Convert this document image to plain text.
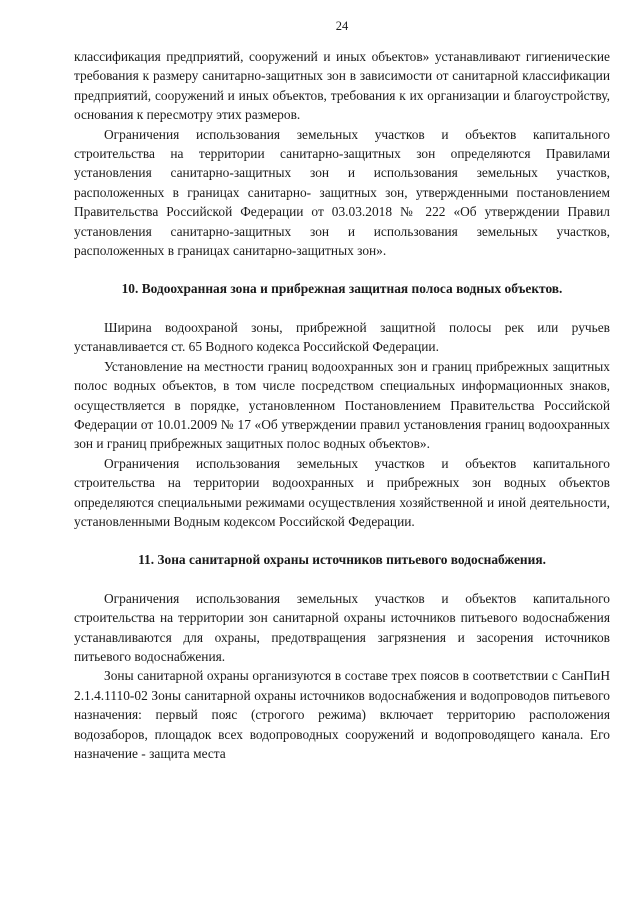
24

классификация предприятий, сооружений и иных объектов» устанавливают гигиенические требования к размеру санитарно-защитных зон в зависимости от санитарной классификации предприятий, сооружений и иных объектов, требования к их организации и благоустройству, основания к пересмотру этих размеров.

Ограничения использования земельных участков и объектов капитального строительства на территории санитарно-защитных зон определяются Правилами установления санитарно-защитных зон и использования земельных участков, расположенных в границах санитарно- защитных зон, утвержденными постановлением Правительства Российской Федерации от 03.03.2018 № 222 «Об утверждении Правил установления санитарно-защитных зон и использования земельных участков, расположенных в границах санитарно-защитных зон».

10. Водоохранная зона и прибрежная защитная полоса водных объектов.

Ширина водоохраной зоны, прибрежной защитной полосы рек или ручьев устанавливается ст. 65 Водного кодекса Российской Федерации.

Установление на местности границ водоохранных зон и границ прибрежных защитных полос водных объектов, в том числе посредством специальных информационных знаков, осуществляется в порядке, установленном Постановлением Правительства Российской Федерации от 10.01.2009 № 17 «Об утверждении правил установления границ водоохранных зон и границ прибрежных защитных полос водных объектов».

Ограничения использования земельных участков и объектов капитального строительства на территории водоохранных и прибрежных зон водных объектов определяются специальными режимами осуществления хозяйственной и иной деятельности, установленными Водным кодексом Российской Федерации.

11. Зона санитарной охраны источников питьевого водоснабжения.

Ограничения использования земельных участков и объектов капитального строительства на территории зон санитарной охраны источников питьевого водоснабжения устанавливаются для охраны, предотвращения загрязнения и засорения источников питьевого водоснабжения.

Зоны санитарной охраны организуются в составе трех поясов в соответствии с СанПиН 2.1.4.1110-02 Зоны санитарной охраны источников водоснабжения и водопроводов питьевого назначения: первый пояс (строгого режима) включает территорию расположения водозаборов, площадок всех водопроводных сооружений и водопроводящего канала. Его назначение - защита места
